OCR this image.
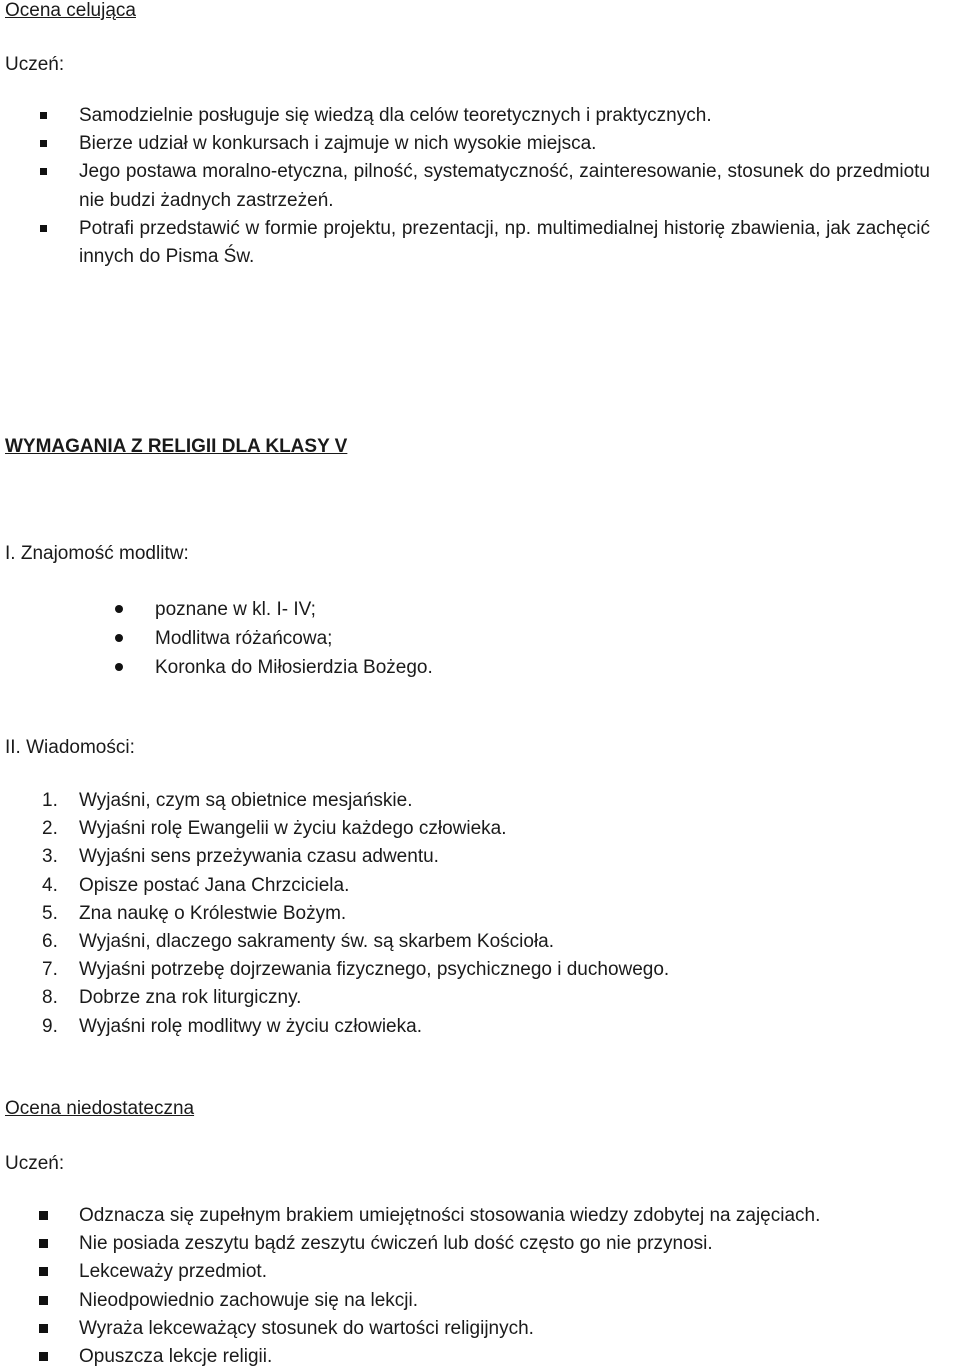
Ocena celująca
Uczeń:
Samodzielnie posługuje się wiedzą dla celów teoretycznych i praktycznych.
Bierze udział w konkursach i zajmuje w nich wysokie miejsca.
Jego postawa moralno-etyczna, pilność, systematyczność, zainteresowanie, stosunek do przedmiotu nie budzi żadnych zastrzeżeń.
Potrafi przedstawić w formie projektu, prezentacji, np. multimedialnej historię zbawienia, jak zachęcić innych do Pisma Św.
WYMAGANIA Z RELIGII DLA KLASY V
I. Znajomość modlitw:
poznane w kl. I- IV;
Modlitwa różańcowa;
Koronka do Miłosierdzia Bożego.
II. Wiadomości:
1. Wyjaśni, czym są obietnice mesjańskie.
2. Wyjaśni rolę Ewangelii w życiu każdego człowieka.
3. Wyjaśni sens przeżywania czasu adwentu.
4. Opisze postać Jana Chrzciciela.
5. Zna naukę o Królestwie Bożym.
6. Wyjaśni, dlaczego sakramenty św. są skarbem Kościoła.
7. Wyjaśni potrzebę dojrzewania fizycznego, psychicznego i duchowego.
8. Dobrze zna rok liturgiczny.
9. Wyjaśni rolę modlitwy w życiu człowieka.
Ocena niedostateczna
Uczeń:
Odznacza się zupełnym brakiem umiejętności stosowania wiedzy zdobytej na zajęciach.
Nie posiada zeszytu bądź zeszytu ćwiczeń lub dość często go nie przynosi.
Lekceważy przedmiot.
Nieodpowiednio zachowuje się na lekcji.
Wyraża lekceważący stosunek do wartości religijnych.
Opuszcza lekcje religii.
